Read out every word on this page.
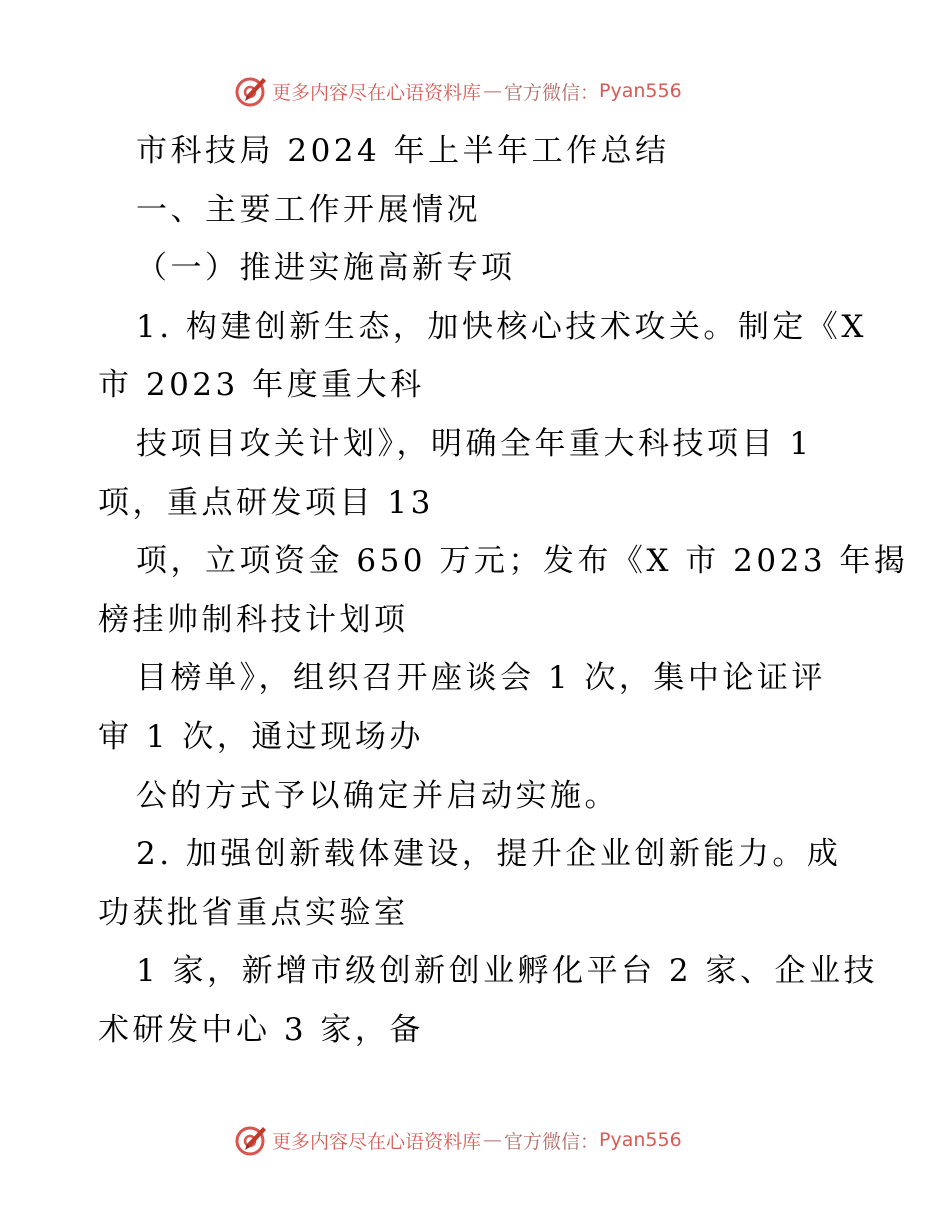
更多内容尽在心语资料库 — 官方微信： Pyan556
市科技局 2024 年上半年工作总结
一、主要工作开展情况
（一）推进实施高新专项
1. 构建创新生态，加快核心技术攻关。制定《X
市 2023 年度重大科
技项目攻关计划》，明确全年重大科技项目 1
项，重点研发项目 13
项，立项资金 650 万元；发布《X 市 2023 年揭
榜挂帅制科技计划项
目榜单》，组织召开座谈会 1 次，集中论证评
审 1 次，通过现场办
公的方式予以确定并启动实施。
2. 加强创新载体建设，提升企业创新能力。成
功获批省重点实验室
1 家，新增市级创新创业孵化平台 2 家、企业技
术研发中心 3 家，备
更多内容尽在心语资料库 — 官方微信： Pyan556
